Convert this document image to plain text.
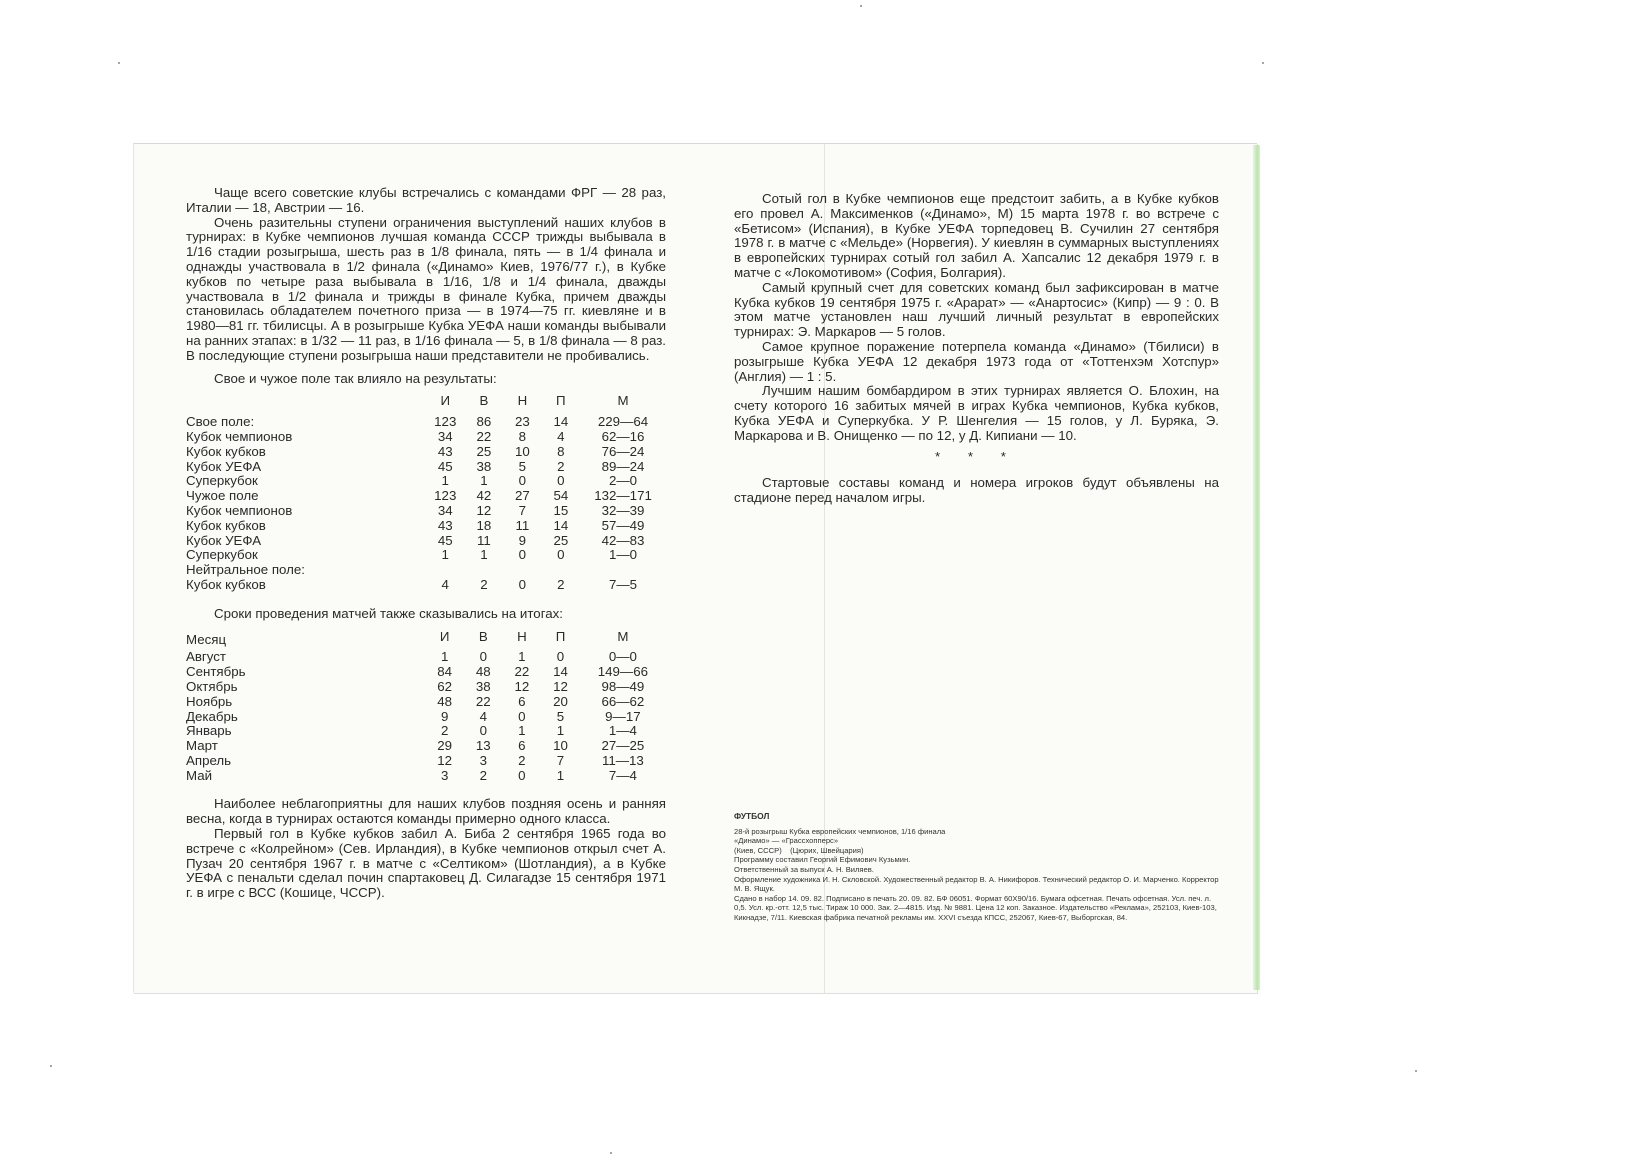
Чаще всего советские клубы встречались с командами ФРГ — 28 раз, Италии — 18, Австрии — 16.

Очень разительны ступени ограничения выступлений наших клубов в турнирах: в Кубке чемпионов лучшая команда СССР трижды выбывала в 1/16 стадии розыгрыша, шесть раз в 1/8 финала, пять — в 1/4 финала и однажды участвовала в 1/2 финала («Динамо» Киев, 1976/77 г.), в Кубке кубков по четыре раза выбывала в 1/16, 1/8 и 1/4 финала, дважды участвовала в 1/2 финала и трижды в финале Кубка, причем дважды становилась обладателем почетного приза — в 1974—75 гг. киевляне и в 1980—81 гг. тбилисцы. А в розыгрыше Кубка УЕФА наши команды выбывали на ранних этапах: в 1/32 — 11 раз, в 1/16 финала — 5, в 1/8 финала — 8 раз. В последующие ступени розыгрыша наши представители не пробивались.

Свое и чужое поле так влияло на результаты:

	И	В	Н	П	М
Свое поле:	123	86	23	14	229—64
Кубок чемпионов	34	22	8	4	62—16
Кубок кубков	43	25	10	8	76—24
Кубок УЕФА	45	38	5	2	89—24
Суперкубок	1	1	0	0	2—0
Чужое поле	123	42	27	54	132—171
Кубок чемпионов	34	12	7	15	32—39
Кубок кубков	43	18	11	14	57—49
Кубок УЕФА	45	11	9	25	42—83
Суперкубок	1	1	0	0	1—0
Нейтральное поле:					
Кубок кубков	4	2	0	2	7—5

Сроки проведения матчей также сказывались на итогах:

Месяц	И	В	Н	П	М
Август	1	0	1	0	0—0
Сентябрь	84	48	22	14	149—66
Октябрь	62	38	12	12	98—49
Ноябрь	48	22	6	20	66—62
Декабрь	9	4	0	5	9—17
Январь	2	0	1	1	1—4
Март	29	13	6	10	27—25
Апрель	12	3	2	7	11—13
Май	3	2	0	1	7—4

Наиболее неблагоприятны для наших клубов поздняя осень и ранняя весна, когда в турнирах остаются команды примерно одного класса.

Первый гол в Кубке кубков забил А. Биба 2 сентября 1965 года во встрече с «Колрейном» (Сев. Ирландия), в Кубке чемпионов открыл счет А. Пузач 20 сентября 1967 г. в матче с «Селтиком» (Шотландия), а в Кубке УЕФА с пенальти сделал почин спартаковец Д. Силагадзе 15 сентября 1971 г. в игре с ВСС (Кошице, ЧССР).

Сотый гол в Кубке чемпионов еще предстоит забить, а в Кубке кубков его провел А. Максименков («Динамо», М) 15 марта 1978 г. во встрече с «Бетисом» (Испания), в Кубке УЕФА торпедовец В. Сучилин 27 сентября 1978 г. в матче с «Мельде» (Норвегия). У киевлян в суммарных выступлениях в европейских турнирах сотый гол забил А. Хапсалис 12 декабря 1979 г. в матче с «Локомотивом» (София, Болгария).

Самый крупный счет для советских команд был зафиксирован в матче Кубка кубков 19 сентября 1975 г. «Арарат» — «Анартосис» (Кипр) — 9 : 0. В этом матче установлен наш лучший личный результат в европейских турнирах: Э. Маркаров — 5 голов.

Самое крупное поражение потерпела команда «Динамо» (Тбилиси) в розыгрыше Кубка УЕФА 12 декабря 1973 года от «Тоттенхэм Хотспур» (Англия) — 1 : 5.

Лучшим нашим бомбардиром в этих турнирах является О. Блохин, на счету которого 16 забитых мячей в играх Кубка чемпионов, Кубка кубков, Кубка УЕФА и Суперкубка. У Р. Шенгелия — 15 голов, у Л. Буряка, Э. Маркарова и В. Онищенко — по 12, у Д. Кипиани — 10.

* * *

Стартовые составы команд и номера игроков будут объявлены на стадионе перед началом игры.

ФУТБОЛ
28-й розыгрыш Кубка европейских чемпионов, 1/16 финала
«Динамо» — «Грассхопперс»
(Киев, СССР)    (Цюрих, Швейцария)
Программу составил Георгий Ефимович Кузьмин.
Ответственный за выпуск А. Н. Виляев.
Оформление художника И. Н. Скловской. Художественный редактор В. А. Никифоров. Технический редактор О. И. Марченко. Корректор М. В. Ящук.
Сдано в набор 14. 09. 82. Подписано в печать 20. 09. 82. БФ 06051. Формат 60Х90/16. Бумага офсетная. Печать офсетная. Усл. печ. л. 0,5. Усл. кр.-отт. 12,5 тыс. Тираж 10 000. Зак. 2—4815. Изд. № 9881. Цена 12 коп. Заказное. Издательство «Реклама», 252103, Киев-103, Кикнадзе, 7/11. Киевская фабрика печатной рекламы им. XXVI съезда КПСС, 252067, Киев-67, Выборгская, 84.
